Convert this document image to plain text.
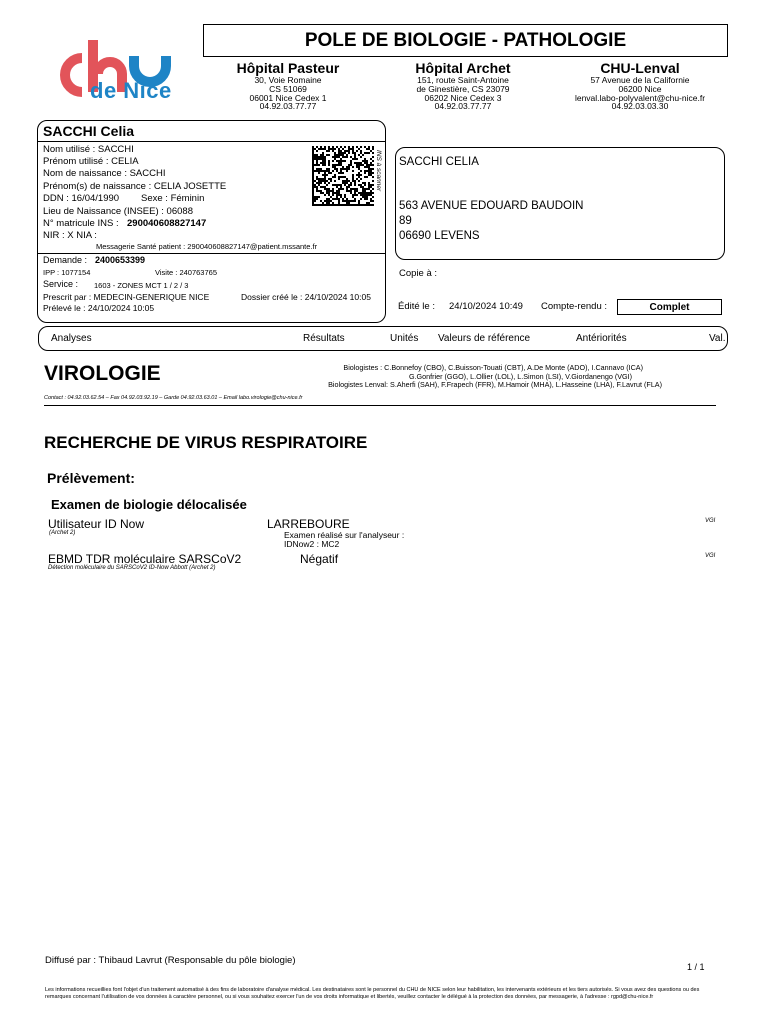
de Nice
POLE DE BIOLOGIE - PATHOLOGIE
Hôpital Pasteur
30, Voie Romaine
CS 51069
06001 Nice Cedex 1
04.92.03.77.77
Hôpital Archet
151, route Saint-Antoine
de Ginestière, CS 23079
06202 Nice Cedex 3
04.92.03.77.77
CHU-Lenval
57 Avenue de la Californie
06200 Nice
lenval.labo-polyvalent@chu-nice.fr
04.92.03.03.30
SACCHI Celia
Nom utilisé : SACCHI
Prénom utilisé : CELIA
Nom de naissance : SACCHI
Prénom(s) de naissance : CELIA JOSETTE
DDN : 16/04/1990 Sexe : Féminin
Lieu de Naissance (INSEE) : 06088
N° matricule INS : 290040608827147
NIR : X NIA :
Messagerie Santé patient : 290040608827147@patient.mssante.fr
INS à scanner
Demande : 2400653399
IPP : 1077154	Visite : 240763765
Service : 1603 - ZONES MCT 1 / 2 / 3
Prescrit par : MEDECIN-GENERIQUE NICE	Dossier créé le : 24/10/2024 10:05
Prélevé le : 24/10/2024 10:05
SACCHI CELIA
563 AVENUE EDOUARD BAUDOIN
89
06690 LEVENS
Copie à :
Édité le : 24/10/2024 10:49 Compte-rendu :	Complet
Analyses	Résultats	Unités Valeurs de référence	Antériorités	Val.
VIROLOGIE	Biologistes : C.Bonnefoy (CBO), C.Buisson-Touati (CBT), A.De Monte (ADO), I.Cannavo (ICA)
G.Gonfrier (GGO), L.Ollier (LOL), L.Simon (LSI), V.Giordanengo (VGI)
Biologistes Lenval: S.Aherfi (SAH), F.Frapech (FFR), M.Hamoir (MHA), L.Hasseine (LHA), F.Lavrut (FLA)
Contact : 04.92.03.62.54 – Fax 04.92.03.92.19 – Garde 04.92.03.63.01 – Email labo.virologie@chu-nice.fr
RECHERCHE DE VIRUS RESPIRATOIRE
Prélèvement:
Examen de biologie délocalisée
Utilisateur ID Now
(Archet 2)
LARREBOURE
Examen réalisé sur l'analyseur :
IDNow2 : MC2
VGI
EBMD TDR moléculaire SARSCoV2
Détection moléculaire du SARSCoV2 ID-Now Abbott (Archet 2)
Négatif	VGI
Diffusé par : Thibaud Lavrut (Responsable du pôle biologie)
1 / 1
Les informations recueillies font l'objet d'un traitement automatisé à des fins de laboratoire d'analyse médical. Les destinataires sont le personnel du CHU de NICE selon leur habilitation, les intervenants extérieurs et les tiers autorisés. Si vous avez des questions ou des remarques concernant l'utilisation de vos données à caractère personnel, ou si vous souhaitez exercer l'un de vos droits informatique et libertés, veuillez contacter le délégué à la protection des données, par messagerie, à l'adresse : rgpd@chu-nice.fr
